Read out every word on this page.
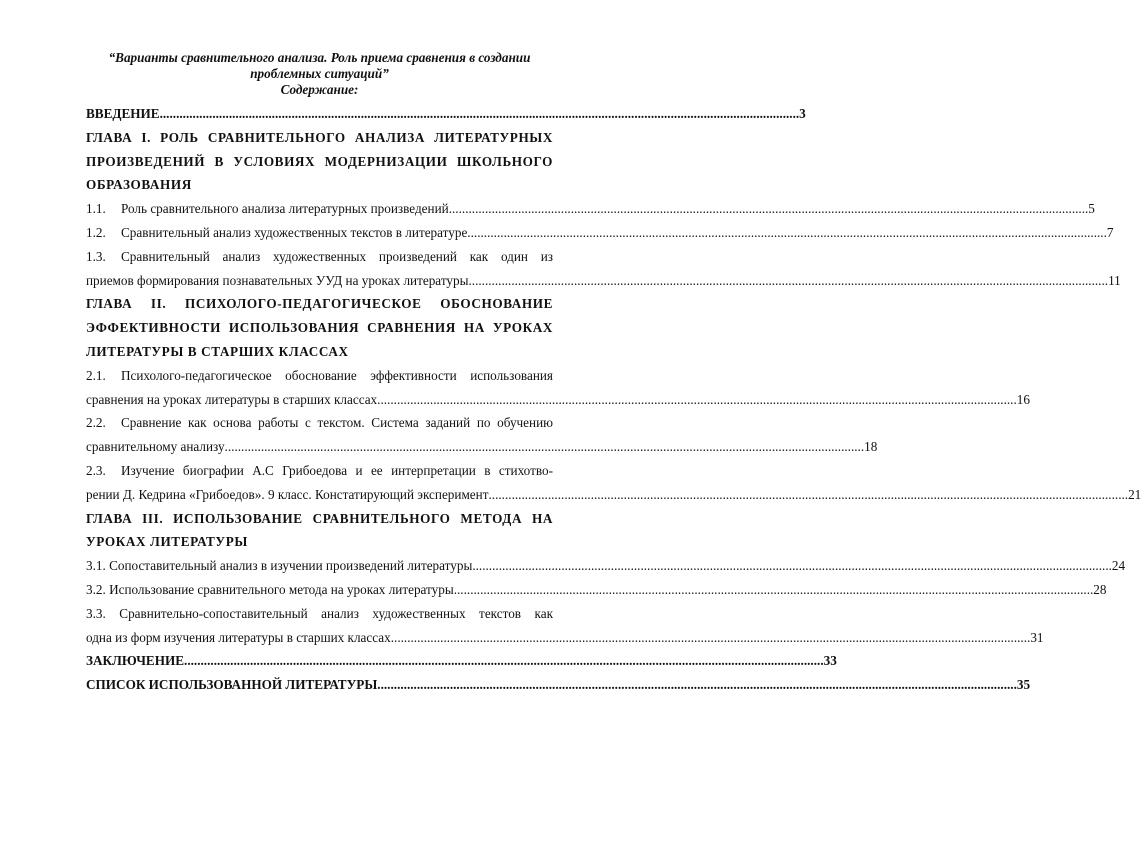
“Варианты сравнительного анализа. Роль приема сравнения в создании

проблемных ситуаций”

Содержание:

ВВЕДЕНИЕ .....	3

ГЛАВА I. РОЛЬ СРАВНИТЕЛЬНОГО АНАЛИЗА ЛИТЕРАТУРНЫХ ПРОИЗВЕДЕНИЙ В УСЛОВИЯХ МОДЕРНИЗАЦИИ ШКОЛЬНОГО ОБРАЗОВАНИЯ

1.1. Роль сравнительного анализа литературных произведений .....	5
1.2. Сравнительный анализ художественных текстов в литературе .....	7
1.3.	Сравнительный анализ художественных произведений как один из
приемов формирования познавательных УУД на уроках литературы .....	11

ГЛАВА II. ПСИХОЛОГО-ПЕДАГОГИЧЕСКОЕ ОБОСНОВАНИЕ ЭФФЕКТИВНОСТИ ИСПОЛЬЗОВАНИЯ СРАВНЕНИЯ НА УРОКАХ ЛИТЕРАТУРЫ В СТАРШИХ КЛАССАХ

2.1.	Психолого-педагогическое обоснование эффективности использования
сравнения на уроках литературы в старших классах .....	16
2.2.	Сравнение как основа работы с текстом. Система заданий по обучению
сравнительному анализу .....	18
2.3.	Изучение биографии А.С Грибоедова и ее интерпретации в стихотво-
рении Д. Кедрина «Грибоедов». 9 класс. Констатирующий эксперимент .....	21

ГЛАВА III. ИСПОЛЬЗОВАНИЕ СРАВНИТЕЛЬНОГО МЕТОДА НА УРОКАХ ЛИТЕРАТУРЫ

3.1. Сопоставительный анализ в изучении произведений литературы .....	24
3.2. Использование сравнительного метода на уроках литературы .....	28
3.3. Сравнительно-сопоставительный анализ художественных текстов как
одна из форм изучения литературы в старших классах .....	31
ЗАКЛЮЧЕНИЕ .....	33
СПИСОК ИСПОЛЬЗОВАННОЙ ЛИТЕРАТУРЫ .....	35
